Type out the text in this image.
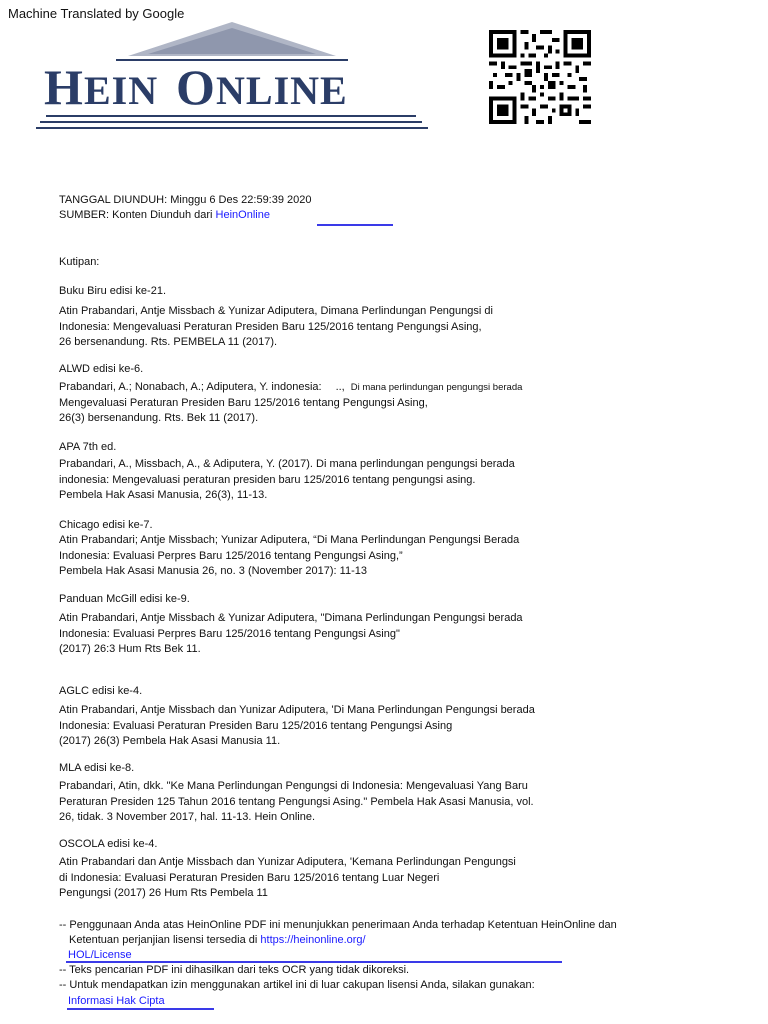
Machine Translated by Google
H EIN O NLINE
TANGGAL DIUNDUH: Minggu 6 Des 22:59:39 2020
SUMBER: Konten Diunduh dari HeinOnline
Kutipan:
Buku Biru edisi ke-21.
Atin Prabandari, Antje Missbach & Yunizar Adiputera, Dimana Perlindungan Pengungsi di
Indonesia: Mengevaluasi Peraturan Presiden Baru 125/2016 tentang Pengungsi Asing,
26 bersenandung. Rts. PEMBELA 11 (2017).
ALWD edisi ke-6.
Prabandari, A.; Nonabach, A.; Adiputera, Y. indonesia: .., Di mana perlindungan pengungsi berada
Mengevaluasi Peraturan Presiden Baru 125/2016 tentang Pengungsi Asing,
26(3) bersenandung. Rts. Bek 11 (2017).
APA 7th ed.
Prabandari, A., Missbach, A., & Adiputera, Y. (2017). Di mana perlindungan pengungsi berada
indonesia: Mengevaluasi peraturan presiden baru 125/2016 tentang pengungsi asing.
Pembela Hak Asasi Manusia, 26(3), 11-13.
Chicago edisi ke-7.
Atin Prabandari; Antje Missbach; Yunizar Adiputera, “Di Mana Perlindungan Pengungsi Berada
Indonesia: Evaluasi Perpres Baru 125/2016 tentang Pengungsi Asing,”
Pembela Hak Asasi Manusia 26, no. 3 (November 2017): 11-13
Panduan McGill edisi ke-9.
Atin Prabandari, Antje Missbach & Yunizar Adiputera, "Dimana Perlindungan Pengungsi berada
Indonesia: Evaluasi Perpres Baru 125/2016 tentang Pengungsi Asing"
(2017) 26:3 Hum Rts Bek 11.
AGLC edisi ke-4.
Atin Prabandari, Antje Missbach dan Yunizar Adiputera, 'Di Mana Perlindungan Pengungsi berada
Indonesia: Evaluasi Peraturan Presiden Baru 125/2016 tentang Pengungsi Asing
(2017) 26(3) Pembela Hak Asasi Manusia 11.
MLA edisi ke-8.
Prabandari, Atin, dkk. "Ke Mana Perlindungan Pengungsi di Indonesia: Mengevaluasi Yang Baru
Peraturan Presiden 125 Tahun 2016 tentang Pengungsi Asing." Pembela Hak Asasi Manusia, vol.
26, tidak. 3 November 2017, hal. 11-13. Hein Online.
OSCOLA edisi ke-4.
Atin Prabandari dan Antje Missbach dan Yunizar Adiputera, 'Kemana Perlindungan Pengungsi
di Indonesia: Evaluasi Peraturan Presiden Baru 125/2016 tentang Luar Negeri
Pengungsi (2017) 26 Hum Rts Pembela 11
-- Penggunaan Anda atas HeinOnline PDF ini menunjukkan penerimaan Anda terhadap Ketentuan HeinOnline dan
Ketentuan perjanjian lisensi tersedia di https://heinonline.org/
HOL/License
-- Teks pencarian PDF ini dihasilkan dari teks OCR yang tidak dikoreksi.
-- Untuk mendapatkan izin menggunakan artikel ini di luar cakupan lisensi Anda, silakan gunakan:
Informasi Hak Cipta
